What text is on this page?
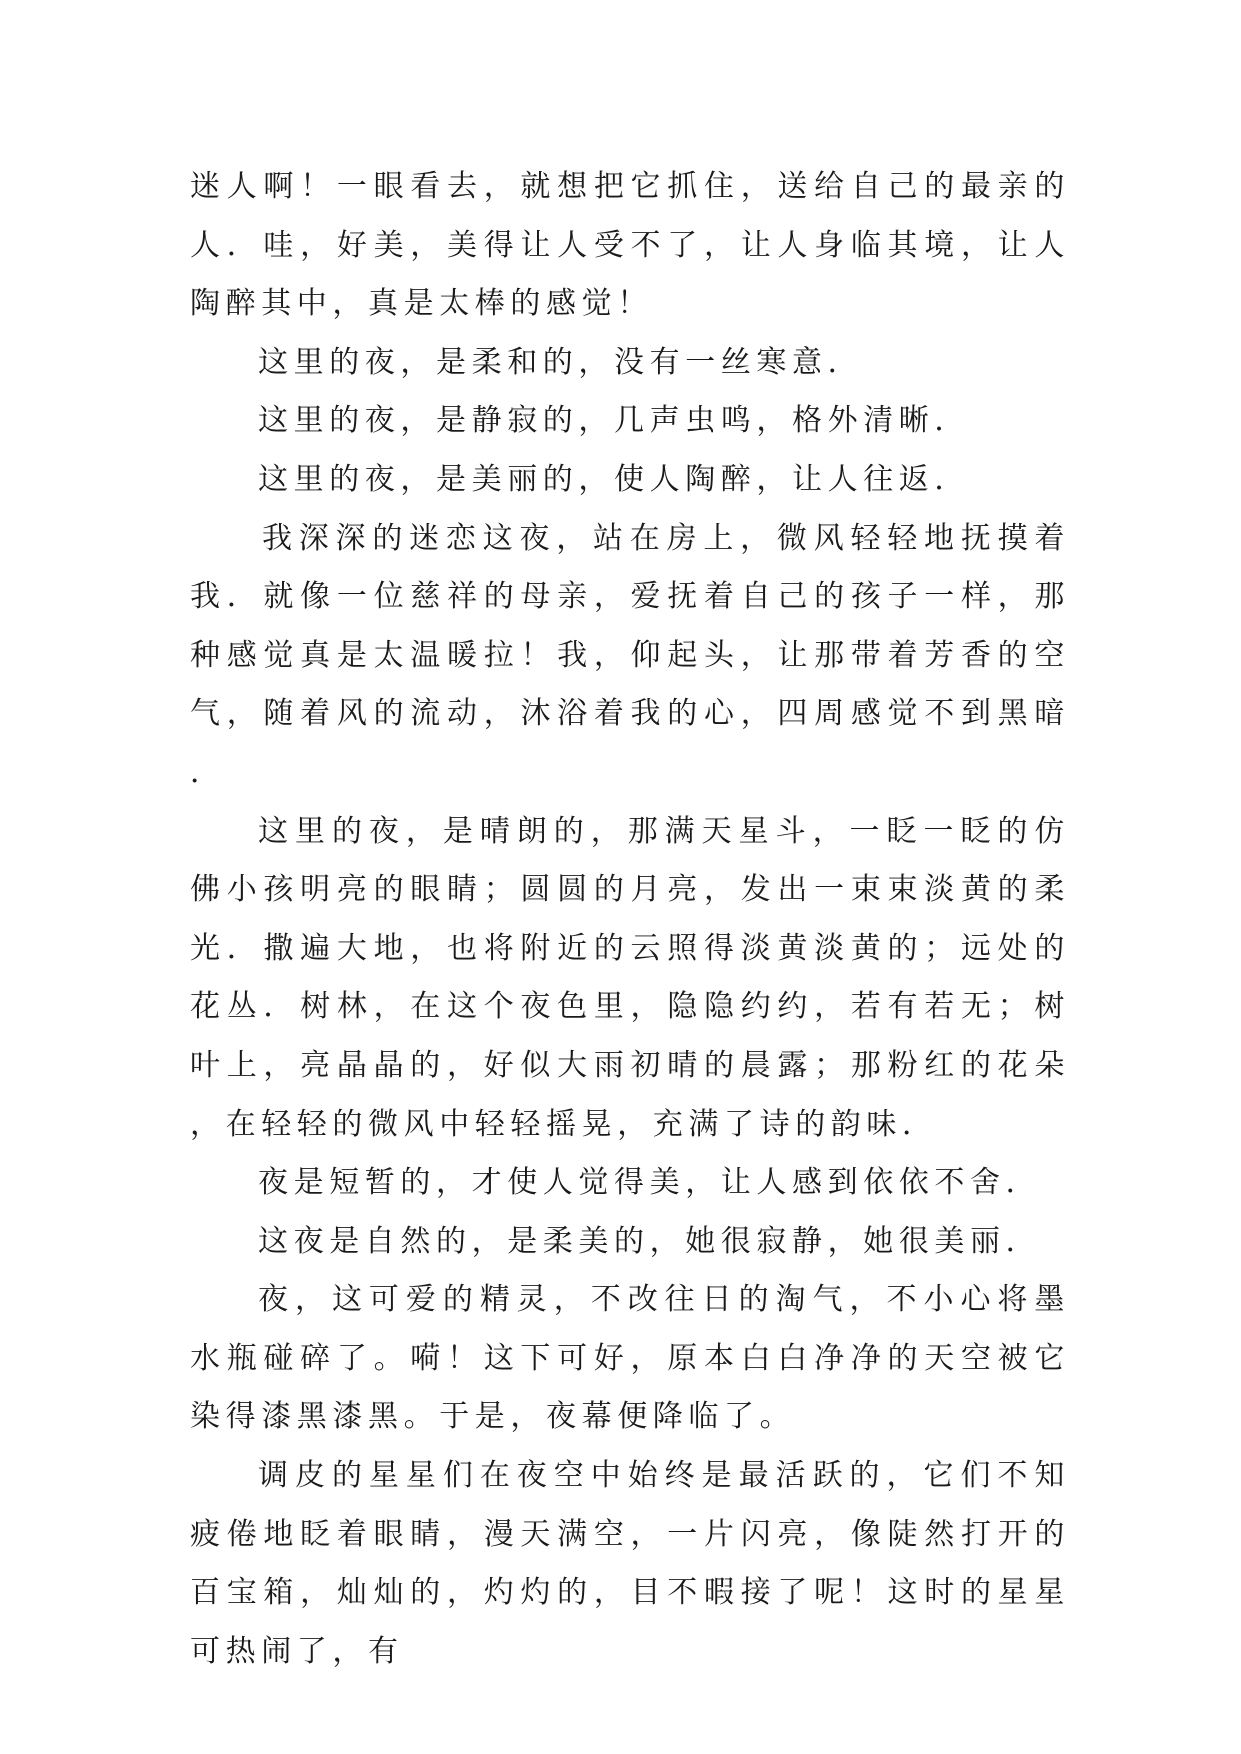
迷人啊！一眼看去，就想把它抓住，送给自己的最亲的人．哇，好美，美得让人受不了，让人身临其境，让人陶醉其中，真是太棒的感觉！

这里的夜，是柔和的，没有一丝寒意．

这里的夜，是静寂的，几声虫鸣，格外清晰．

这里的夜，是美丽的，使人陶醉，让人往返．

我深深的迷恋这夜，站在房上，微风轻轻地抚摸着我．就像一位慈祥的母亲，爱抚着自己的孩子一样，那种感觉真是太温暖拉！我，仰起头，让那带着芳香的空气，随着风的流动，沐浴着我的心，四周感觉不到黑暗．

这里的夜，是晴朗的，那满天星斗，一眨一眨的仿佛小孩明亮的眼睛；圆圆的月亮，发出一束束淡黄的柔光．撒遍大地，也将附近的云照得淡黄淡黄的；远处的花丛．树林，在这个夜色里，隐隐约约，若有若无；树叶上，亮晶晶的，好似大雨初晴的晨露；那粉红的花朵，在轻轻的微风中轻轻摇晃，充满了诗的韵味．

夜是短暂的，才使人觉得美，让人感到依依不舍．

这夜是自然的，是柔美的，她很寂静，她很美丽．

夜，这可爱的精灵，不改往日的淘气，不小心将墨水瓶碰碎了。嗬！这下可好，原本白白净净的天空被它染得漆黑漆黑。于是，夜幕便降临了。

调皮的星星们在夜空中始终是最活跃的，它们不知疲倦地眨着眼睛，漫天满空，一片闪亮，像陡然打开的百宝箱，灿灿的，灼灼的，目不暇接了呢！这时的星星可热闹了，有
